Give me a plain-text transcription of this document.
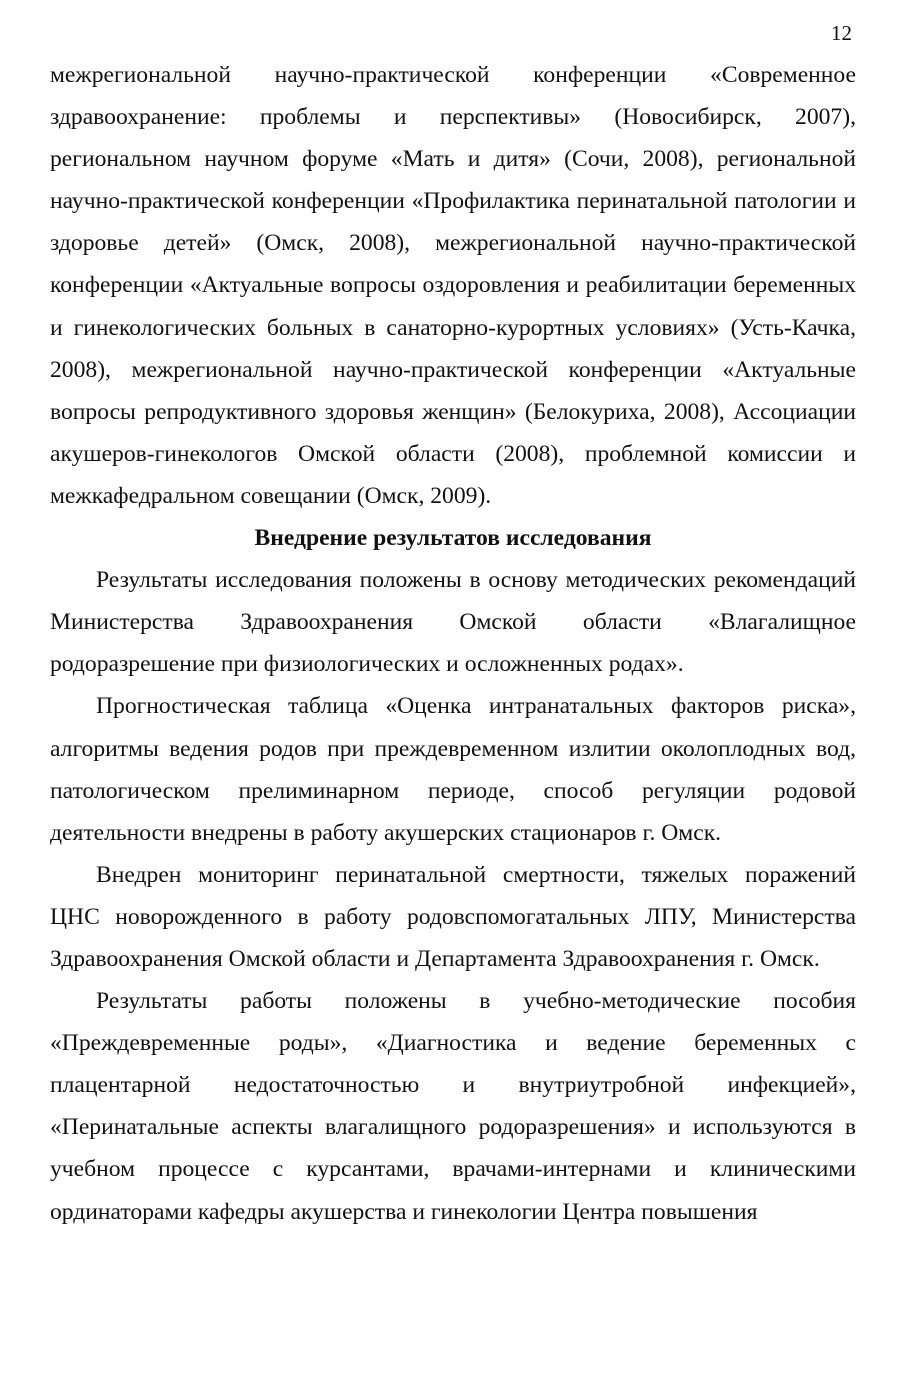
12

межрегиональной научно-практической конференции «Современное здравоохранение: проблемы и перспективы» (Новосибирск, 2007), региональном научном форуме «Мать и дитя» (Сочи, 2008), региональной научно-практической конференции «Профилактика перинатальной патологии и здоровье детей» (Омск, 2008), межрегиональной научно-практической конференции «Актуальные вопросы оздоровления и реабилитации беременных и гинекологических больных в санаторно-курортных условиях» (Усть-Качка, 2008), межрегиональной научно-практической конференции «Актуальные вопросы репродуктивного здоровья женщин» (Белокуриха, 2008), Ассоциации акушеров-гинекологов Омской области (2008), проблемной комиссии и межкафедральном совещании (Омск, 2009).

Внедрение результатов исследования

Результаты исследования положены в основу методических рекомендаций Министерства Здравоохранения Омской области «Влагалищное родоразрешение при физиологических и осложненных родах».

Прогностическая таблица «Оценка интранатальных факторов риска», алгоритмы ведения родов при преждевременном излитии околоплодных вод, патологическом прелиминарном периоде, способ регуляции родовой деятельности внедрены в работу акушерских стационаров г. Омск.

Внедрен мониторинг перинатальной смертности, тяжелых поражений ЦНС новорожденного в работу родовспомогатальных ЛПУ, Министерства Здравоохранения Омской области и Департамента Здравоохранения г. Омск.

Результаты работы положены в учебно-методические пособия «Преждевременные роды», «Диагностика и ведение беременных с плацентарной недостаточностью и внутриутробной инфекцией», «Перинатальные аспекты влагалищного родоразрешения» и используются в учебном процессе с курсантами, врачами-интернами и клиническими ординаторами кафедры акушерства и гинекологии Центра повышения
